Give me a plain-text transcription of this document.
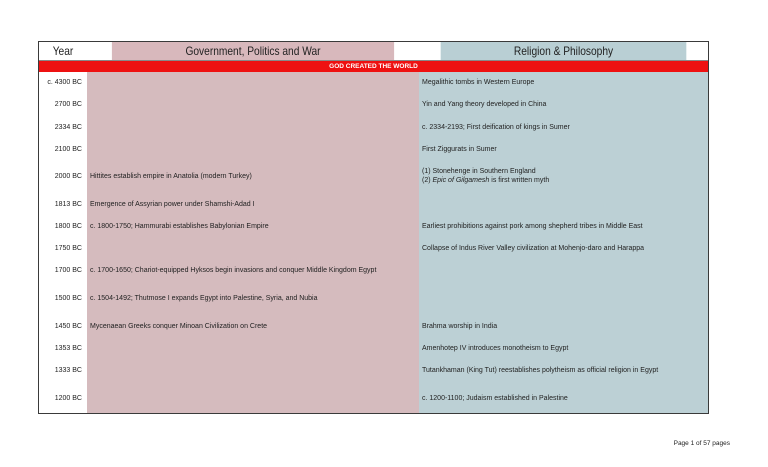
Year	Government, Politics and War	Religion & Philosophy
GOD CREATED THE WORLD
c. 4300 BC
2700 BC
2334 BC
2100 BC
2000 BC
1813 BC
1800 BC
1750 BC
1700 BC
1500 BC
1450 BC
1353 BC
1333 BC
1200 BC
Hittites establish empire in Anatolia (modern Turkey)
Emergence of Assyrian power under Shamshi-Adad I
c. 1800-1750; Hammurabi establishes Babylonian Empire
c. 1700-1650; Chariot-equipped Hyksos begin invasions and conquer Middle Kingdom Egypt
c. 1504-1492; Thutmose I expands Egypt into Palestine, Syria, and Nubia
Mycenaean Greeks conquer Minoan Civilization on Crete
Megalithic tombs in Western Europe
Yin and Yang theory developed in China
c. 2334-2193; First deification of kings in Sumer
First Ziggurats in Sumer
(1) Stonehenge in Southern England
(2) Epic of Gilgamesh is first written myth
Earliest prohibitions against pork among shepherd tribes in Middle East
Collapse of Indus River Valley civilization at Mohenjo-daro and Harappa
Brahma worship in India
Amenhotep IV introduces monotheism to Egypt
Tutankhaman (King Tut) reestablishes polytheism as official religion in Egypt
c. 1200-1100; Judaism established in Palestine
Page 1 of 57 pages
